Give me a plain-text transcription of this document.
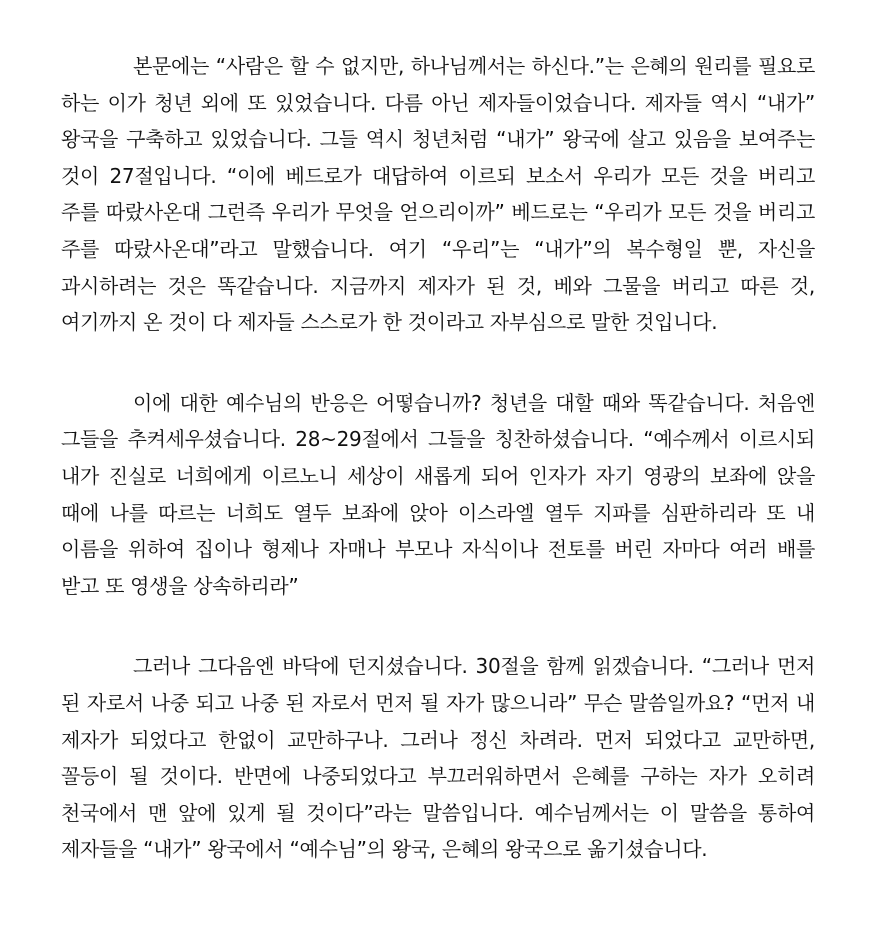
본문에는 “사람은 할 수 없지만, 하나님께서는 하신다.”는 은혜의 원리를 필요로 하는 이가 청년 외에 또 있었습니다. 다름 아닌 제자들이었습니다. 제자들 역시 “내가” 왕국을 구축하고 있었습니다. 그들 역시 청년처럼 “내가” 왕국에 살고 있음을 보여주는 것이 27절입니다. “이에 베드로가 대답하여 이르되 보소서 우리가 모든 것을 버리고 주를 따랐사온대 그런즉 우리가 무엇을 얻으리이까” 베드로는 “우리가 모든 것을 버리고 주를 따랐사온대”라고 말했습니다. 여기 “우리”는 “내가”의 복수형일 뿐, 자신을 과시하려는 것은 똑같습니다. 지금까지 제자가 된 것, 베와 그물을 버리고 따른 것, 여기까지 온 것이 다 제자들 스스로가 한 것이라고 자부심으로 말한 것입니다.

이에 대한 예수님의 반응은 어떻습니까? 청년을 대할 때와 똑같습니다. 처음엔 그들을 추켜세우셨습니다. 28~29절에서 그들을 칭찬하셨습니다. “예수께서 이르시되 내가 진실로 너희에게 이르노니 세상이 새롭게 되어 인자가 자기 영광의 보좌에 앉을 때에 나를 따르는 너희도 열두 보좌에 앉아 이스라엘 열두 지파를 심판하리라 또 내 이름을 위하여 집이나 형제나 자매나 부모나 자식이나 전토를 버린 자마다 여러 배를 받고 또 영생을 상속하리라”

그러나 그다음엔 바닥에 던지셨습니다. 30절을 함께 읽겠습니다. “그러나 먼저 된 자로서 나중 되고 나중 된 자로서 먼저 될 자가 많으니라” 무슨 말씀일까요? “먼저 내 제자가 되었다고 한없이 교만하구나. 그러나 정신 차려라. 먼저 되었다고 교만하면, 꼴등이 될 것이다. 반면에 나중되었다고 부끄러워하면서 은혜를 구하는 자가 오히려 천국에서 맨 앞에 있게 될 것이다”라는 말씀입니다. 예수님께서는 이 말씀을 통하여 제자들을 “내가” 왕국에서 “예수님”의 왕국, 은혜의 왕국으로 옮기셨습니다.
